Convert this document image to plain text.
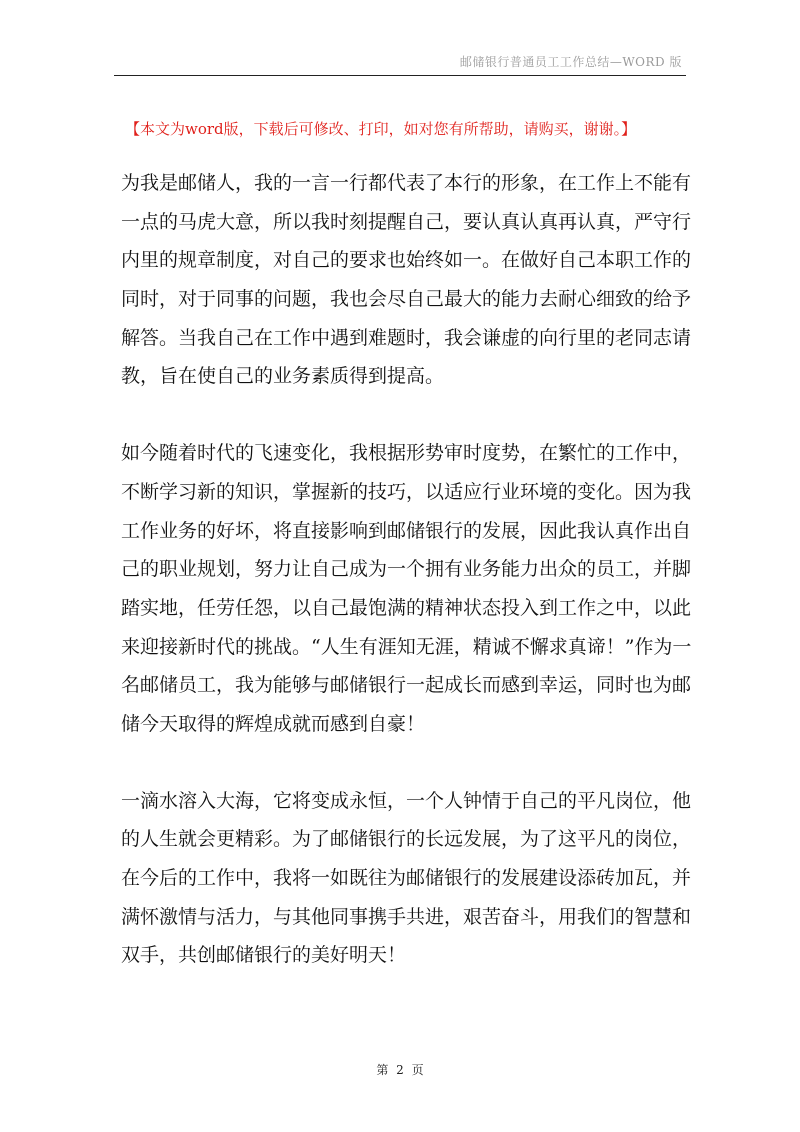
邮储银行普通员工工作总结—WORD 版
【本文为word版，下载后可修改、打印，如对您有所帮助，请购买，谢谢。】
为我是邮储人，我的一言一行都代表了本行的形象，在工作上不能有
一点的马虎大意，所以我时刻提醒自己，要认真认真再认真，严守行
内里的规章制度，对自己的要求也始终如一。在做好自己本职工作的
同时，对于同事的问题，我也会尽自己最大的能力去耐心细致的给予
解答。当我自己在工作中遇到难题时，我会谦虚的向行里的老同志请
教，旨在使自己的业务素质得到提高。
如今随着时代的飞速变化，我根据形势审时度势，在繁忙的工作中，
不断学习新的知识，掌握新的技巧，以适应行业环境的变化。因为我
工作业务的好坏，将直接影响到邮储银行的发展，因此我认真作出自
己的职业规划，努力让自己成为一个拥有业务能力出众的员工，并脚
踏实地，任劳任怨，以自己最饱满的精神状态投入到工作之中，以此
来迎接新时代的挑战。“人生有涯知无涯，精诚不懈求真谛！”作为一
名邮储员工，我为能够与邮储银行一起成长而感到幸运，同时也为邮
储今天取得的辉煌成就而感到自豪！
一滴水溶入大海，它将变成永恒，一个人钟情于自己的平凡岗位，他
的人生就会更精彩。为了邮储银行的长远发展，为了这平凡的岗位，
在今后的工作中，我将一如既往为邮储银行的发展建设添砖加瓦，并
满怀激情与活力，与其他同事携手共进，艰苦奋斗，用我们的智慧和
双手，共创邮储银行的美好明天！
第 2 页
